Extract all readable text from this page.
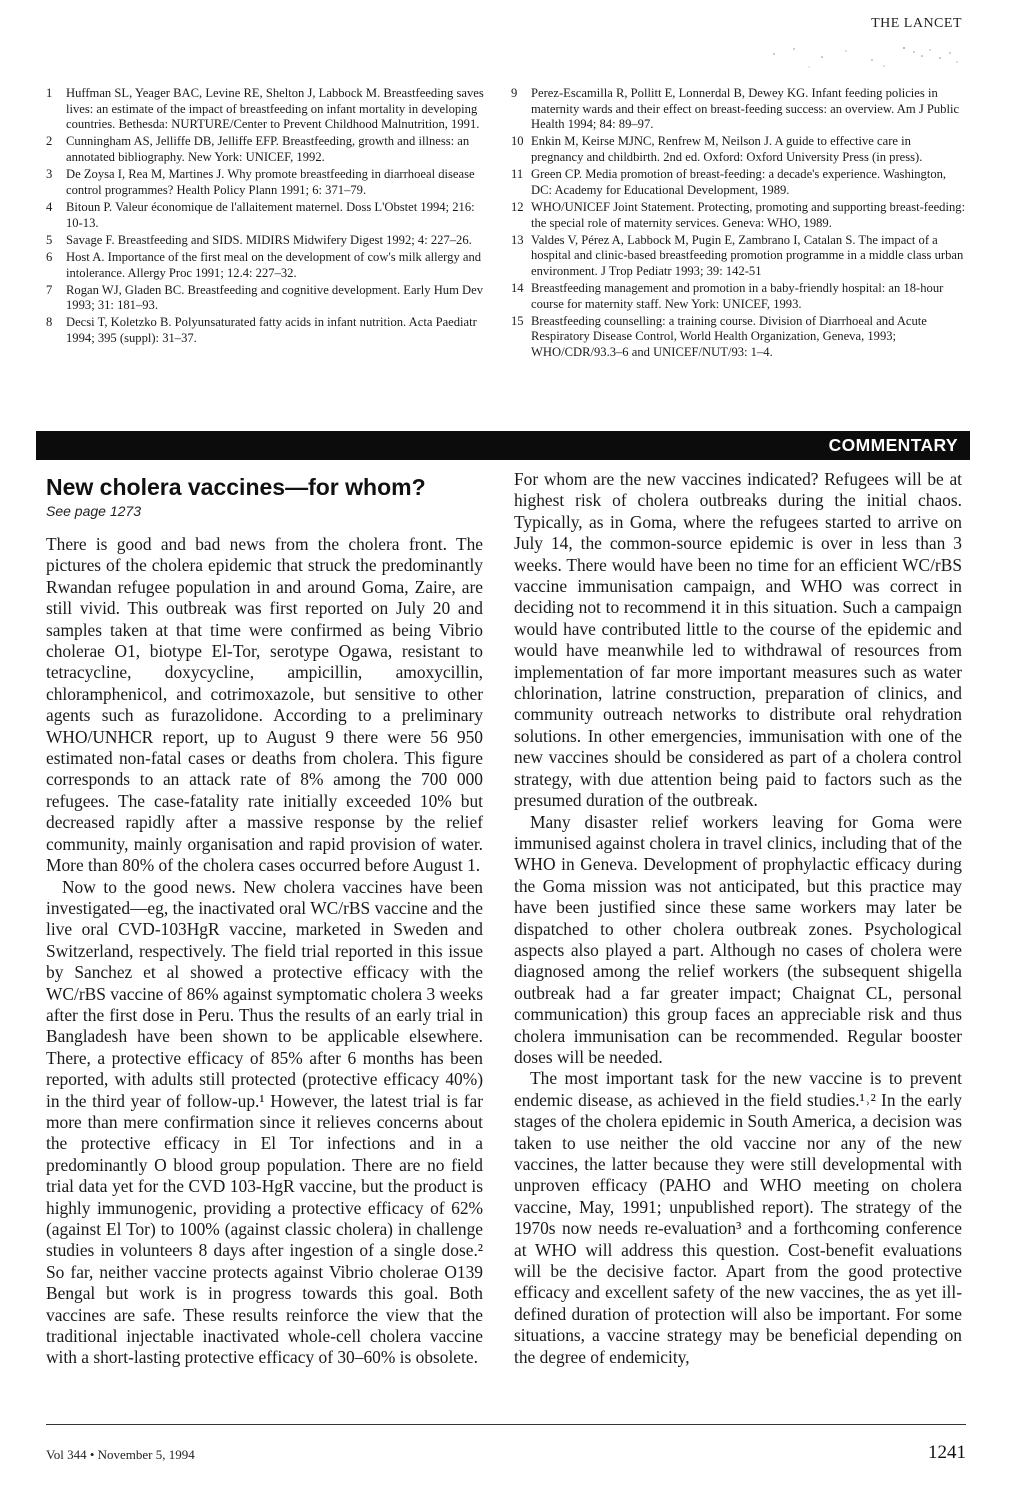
THE LANCET
1	Huffman SL, Yeager BAC, Levine RE, Shelton J, Labbock M. Breastfeeding saves lives: an estimate of the impact of breastfeeding on infant mortality in developing countries. Bethesda: NURTURE/Center to Prevent Childhood Malnutrition, 1991.
2	Cunningham AS, Jelliffe DB, Jelliffe EFP. Breastfeeding, growth and illness: an annotated bibliography. New York: UNICEF, 1992.
3	De Zoysa I, Rea M, Martines J. Why promote breastfeeding in diarrhoeal disease control programmes? Health Policy Plann 1991; 6: 371–79.
4	Bitoun P. Valeur économique de l'allaitement maternel. Doss L'Obstet 1994; 216: 10-13.
5	Savage F. Breastfeeding and SIDS. MIDIRS Midwifery Digest 1992; 4: 227–26.
6	Host A. Importance of the first meal on the development of cow's milk allergy and intolerance. Allergy Proc 1991; 12.4: 227–32.
7	Rogan WJ, Gladen BC. Breastfeeding and cognitive development. Early Hum Dev 1993; 31: 181–93.
8	Decsi T, Koletzko B. Polyunsaturated fatty acids in infant nutrition. Acta Paediatr 1994; 395 (suppl): 31–37.
9	Perez-Escamilla R, Pollitt E, Lonnerdal B, Dewey KG. Infant feeding policies in maternity wards and their effect on breast-feeding success: an overview. Am J Public Health 1994; 84: 89–97.
10 Enkin M, Keirse MJNC, Renfrew M, Neilson J. A guide to effective care in pregnancy and childbirth. 2nd ed. Oxford: Oxford University Press (in press).
11 Green CP. Media promotion of breast-feeding: a decade's experience. Washington, DC: Academy for Educational Development, 1989.
12 WHO/UNICEF Joint Statement. Protecting, promoting and supporting breast-feeding: the special role of maternity services. Geneva: WHO, 1989.
13 Valdes V, Pérez A, Labbock M, Pugin E, Zambrano I, Catalan S. The impact of a hospital and clinic-based breastfeeding promotion programme in a middle class urban environment. J Trop Pediatr 1993; 39: 142-51
14 Breastfeeding management and promotion in a baby-friendly hospital: an 18-hour course for maternity staff. New York: UNICEF, 1993.
15 Breastfeeding counselling: a training course. Division of Diarrhoeal and Acute Respiratory Disease Control, World Health Organization, Geneva, 1993; WHO/CDR/93.3–6 and UNICEF/NUT/93: 1–4.
COMMENTARY
New cholera vaccines—for whom?
See page 1273

There is good and bad news from the cholera front. The pictures of the cholera epidemic that struck the predominantly Rwandan refugee population in and around Goma, Zaire, are still vivid. This outbreak was first reported on July 20 and samples taken at that time were confirmed as being Vibrio cholerae O1, biotype El-Tor, serotype Ogawa, resistant to tetracycline, doxycycline, ampicillin, amoxycillin, chloramphenicol, and cotrimoxazole, but sensitive to other agents such as furazolidone. According to a preliminary WHO/UNHCR report, up to August 9 there were 56 950 estimated non-fatal cases or deaths from cholera. This figure corresponds to an attack rate of 8% among the 700 000 refugees. The case-fatality rate initially exceeded 10% but decreased rapidly after a massive response by the relief community, mainly organisation and rapid provision of water. More than 80% of the cholera cases occurred before August 1.

Now to the good news. New cholera vaccines have been investigated—eg, the inactivated oral WC/rBS vaccine and the live oral CVD-103HgR vaccine, marketed in Sweden and Switzerland, respectively. The field trial reported in this issue by Sanchez et al showed a protective efficacy with the WC/rBS vaccine of 86% against symptomatic cholera 3 weeks after the first dose in Peru. Thus the results of an early trial in Bangladesh have been shown to be applicable elsewhere. There, a protective efficacy of 85% after 6 months has been reported, with adults still protected (protective efficacy 40%) in the third year of follow-up.¹ However, the latest trial is far more than mere confirmation since it relieves concerns about the protective efficacy in El Tor infections and in a predominantly O blood group population. There are no field trial data yet for the CVD 103-HgR vaccine, but the product is highly immunogenic, providing a protective efficacy of 62% (against El Tor) to 100% (against classic cholera) in challenge studies in volunteers 8 days after ingestion of a single dose.² So far, neither vaccine protects against Vibrio cholerae O139 Bengal but work is in progress towards this goal. Both vaccines are safe. These results reinforce the view that the traditional injectable inactivated whole-cell cholera vaccine with a short-lasting protective efficacy of 30–60% is obsolete.

For whom are the new vaccines indicated? Refugees will be at highest risk of cholera outbreaks during the initial chaos. Typically, as in Goma, where the refugees started to arrive on July 14, the common-source epidemic is over in less than 3 weeks. There would have been no time for an efficient WC/rBS vaccine immunisation campaign, and WHO was correct in deciding not to recommend it in this situation. Such a campaign would have contributed little to the course of the epidemic and would have meanwhile led to withdrawal of resources from implementation of far more important measures such as water chlorination, latrine construction, preparation of clinics, and community outreach networks to distribute oral rehydration solutions. In other emergencies, immunisation with one of the new vaccines should be considered as part of a cholera control strategy, with due attention being paid to factors such as the presumed duration of the outbreak.

Many disaster relief workers leaving for Goma were immunised against cholera in travel clinics, including that of the WHO in Geneva. Development of prophylactic efficacy during the Goma mission was not anticipated, but this practice may have been justified since these same workers may later be dispatched to other cholera outbreak zones. Psychological aspects also played a part. Although no cases of cholera were diagnosed among the relief workers (the subsequent shigella outbreak had a far greater impact; Chaignat CL, personal communication) this group faces an appreciable risk and thus cholera immunisation can be recommended. Regular booster doses will be needed.

The most important task for the new vaccine is to prevent endemic disease, as achieved in the field studies.¹˒² In the early stages of the cholera epidemic in South America, a decision was taken to use neither the old vaccine nor any of the new vaccines, the latter because they were still developmental with unproven efficacy (PAHO and WHO meeting on cholera vaccine, May, 1991; unpublished report). The strategy of the 1970s now needs re-evaluation³ and a forthcoming conference at WHO will address this question. Cost-benefit evaluations will be the decisive factor. Apart from the good protective efficacy and excellent safety of the new vaccines, the as yet ill-defined duration of protection will also be important. For some situations, a vaccine strategy may be beneficial depending on the degree of endemicity,

Vol 344 • November 5, 1994	1241
